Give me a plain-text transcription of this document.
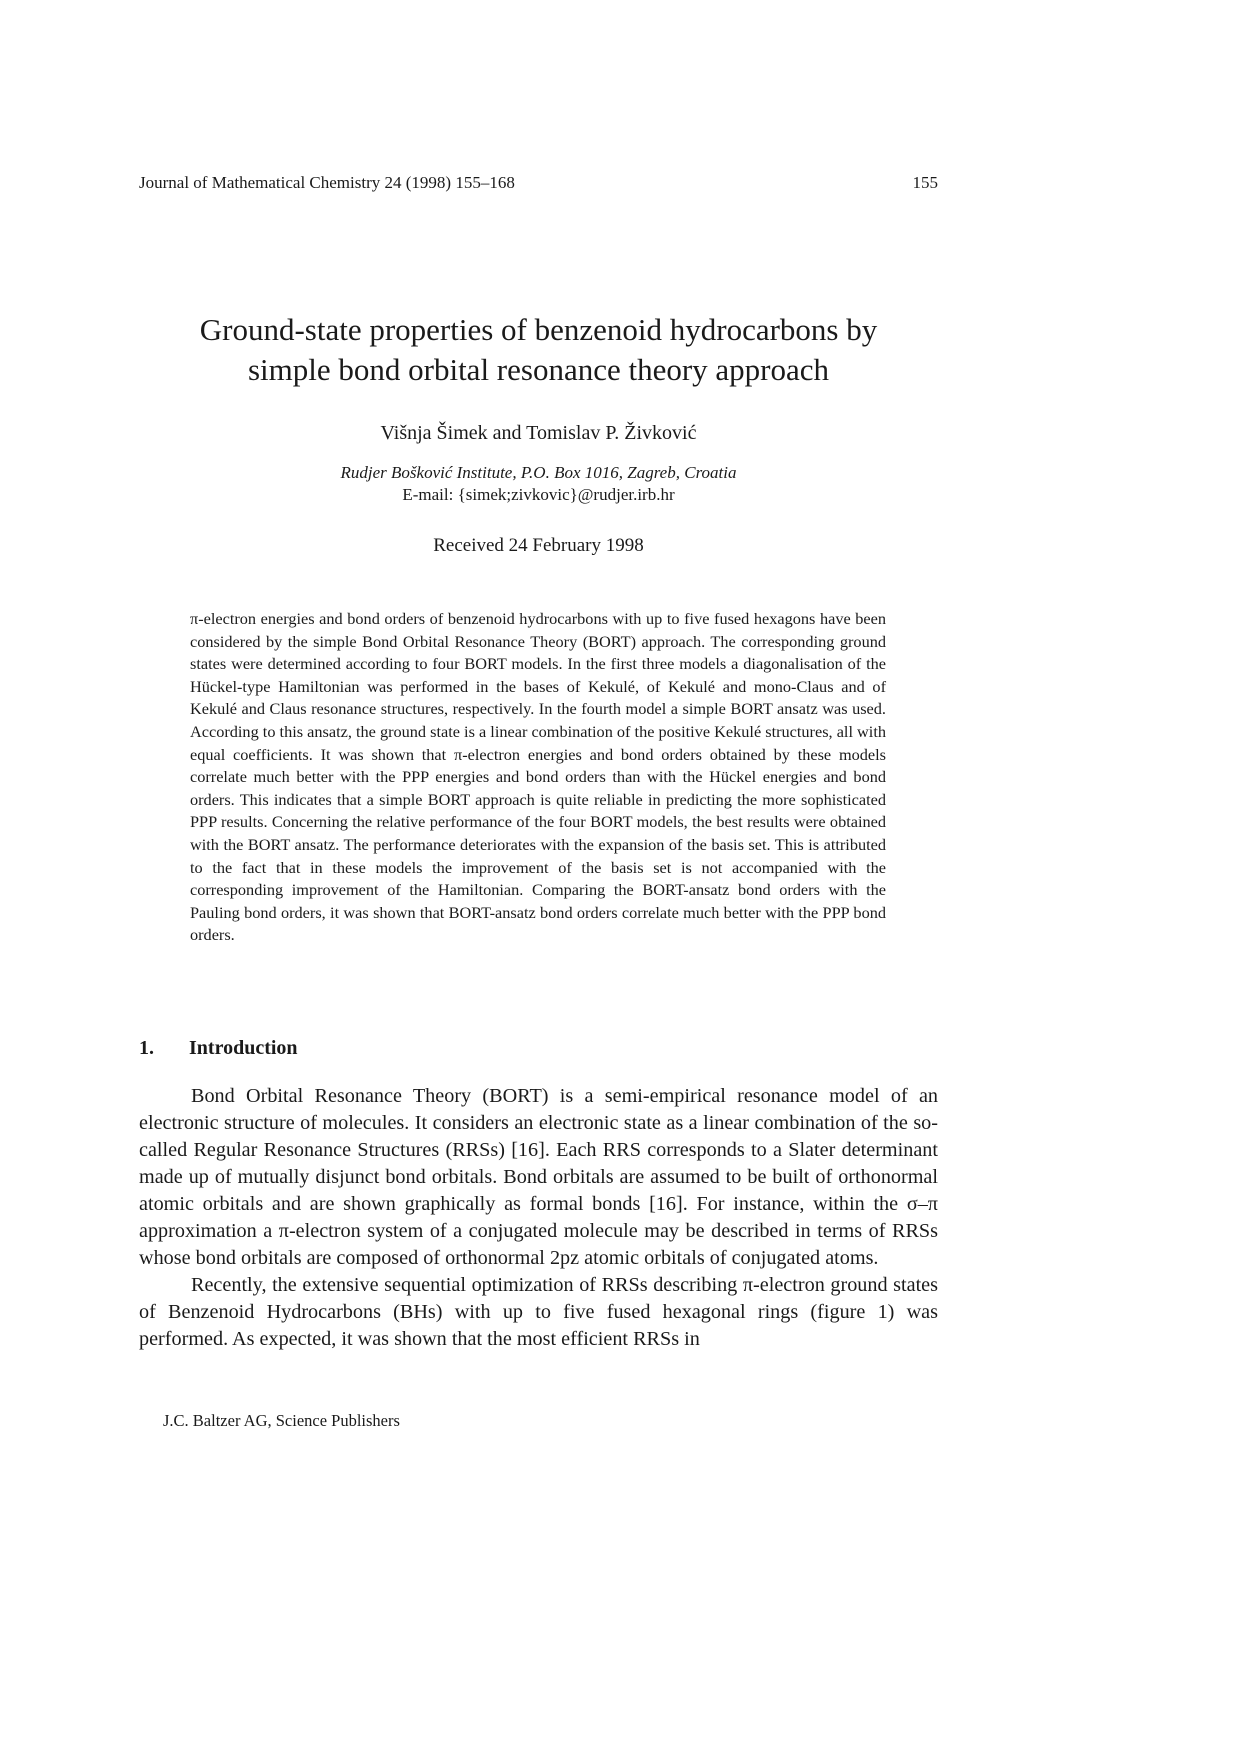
Journal of Mathematical Chemistry 24 (1998) 155–168	155
Ground-state properties of benzenoid hydrocarbons by
simple bond orbital resonance theory approach
Višnja Šimek and Tomislav P. Živković
Rudjer Bošković Institute, P.O. Box 1016, Zagreb, Croatia
E-mail: {simek;zivkovic}@rudjer.irb.hr
Received 24 February 1998

π-electron energies and bond orders of benzenoid hydrocarbons with up to five fused hexagons have been considered by the simple Bond Orbital Resonance Theory (BORT) approach. The corresponding ground states were determined according to four BORT models. In the first three models a diagonalisation of the Hückel-type Hamiltonian was performed in the bases of Kekulé, of Kekulé and mono-Claus and of Kekulé and Claus resonance structures, respectively. In the fourth model a simple BORT ansatz was used. According to this ansatz, the ground state is a linear combination of the positive Kekulé structures, all with equal coefficients. It was shown that π-electron energies and bond orders obtained by these models correlate much better with the PPP energies and bond orders than with the Hückel energies and bond orders. This indicates that a simple BORT approach is quite reliable in predicting the more sophisticated PPP results. Concerning the relative performance of the four BORT models, the best results were obtained with the BORT ansatz. The performance deteriorates with the expansion of the basis set. This is attributed to the fact that in these models the improvement of the basis set is not accompanied with the corresponding improvement of the Hamiltonian. Comparing the BORT-ansatz bond orders with the Pauling bond orders, it was shown that BORT-ansatz bond orders correlate much better with the PPP bond orders.

1. Introduction

Bond Orbital Resonance Theory (BORT) is a semi-empirical resonance model of an electronic structure of molecules. It considers an electronic state as a linear combination of the so-called Regular Resonance Structures (RRSs) [16]. Each RRS corresponds to a Slater determinant made up of mutually disjunct bond orbitals. Bond orbitals are assumed to be built of orthonormal atomic orbitals and are shown graphically as formal bonds [16]. For instance, within the σ–π approximation a π-electron system of a conjugated molecule may be described in terms of RRSs whose bond orbitals are composed of orthonormal 2pz atomic orbitals of conjugated atoms.

Recently, the extensive sequential optimization of RRSs describing π-electron ground states of Benzenoid Hydrocarbons (BHs) with up to five fused hexagonal rings (figure 1) was performed. As expected, it was shown that the most efficient RRSs in

J.C. Baltzer AG, Science Publishers
